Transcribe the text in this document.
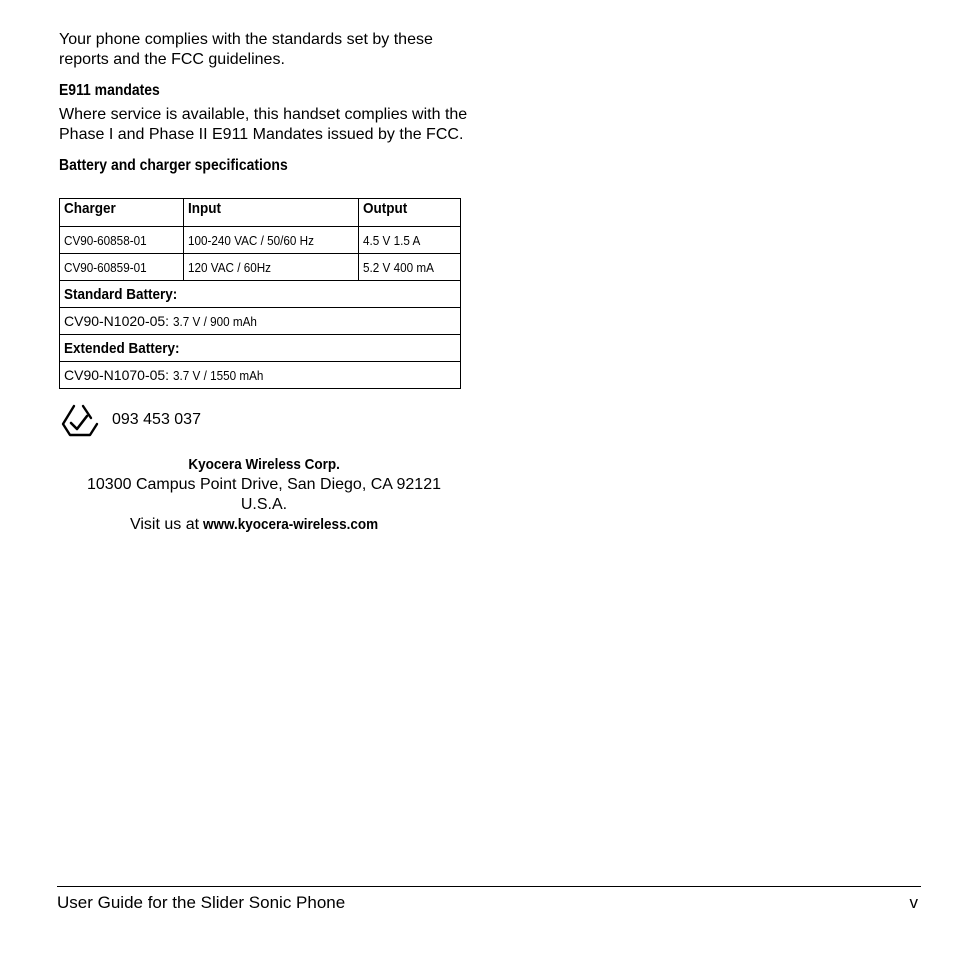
Your phone complies with the standards set by these reports and the FCC guidelines.

E911 mandates

Where service is available, this handset complies with the Phase I and Phase II E911 Mandates issued by the FCC.

Battery and charger specifications

Charger	Input	Output
CV90-60858-01	100-240 VAC / 50/60 Hz	4.5 V 1.5 A
CV90-60859-01	120 VAC / 60Hz	5.2 V 400 mA
Standard Battery:		
CV90-N1020-05: 3.7 V / 900 mAh		
Extended Battery:		
CV90-N1070-05: 3.7 V / 1550 mAh		
093 453 037
Kyocera Wireless Corp.
10300 Campus Point Drive, San Diego, CA 92121
U.S.A.
Visit us at www.kyocera-wireless.com
User Guide for the Slider Sonic Phone	v
